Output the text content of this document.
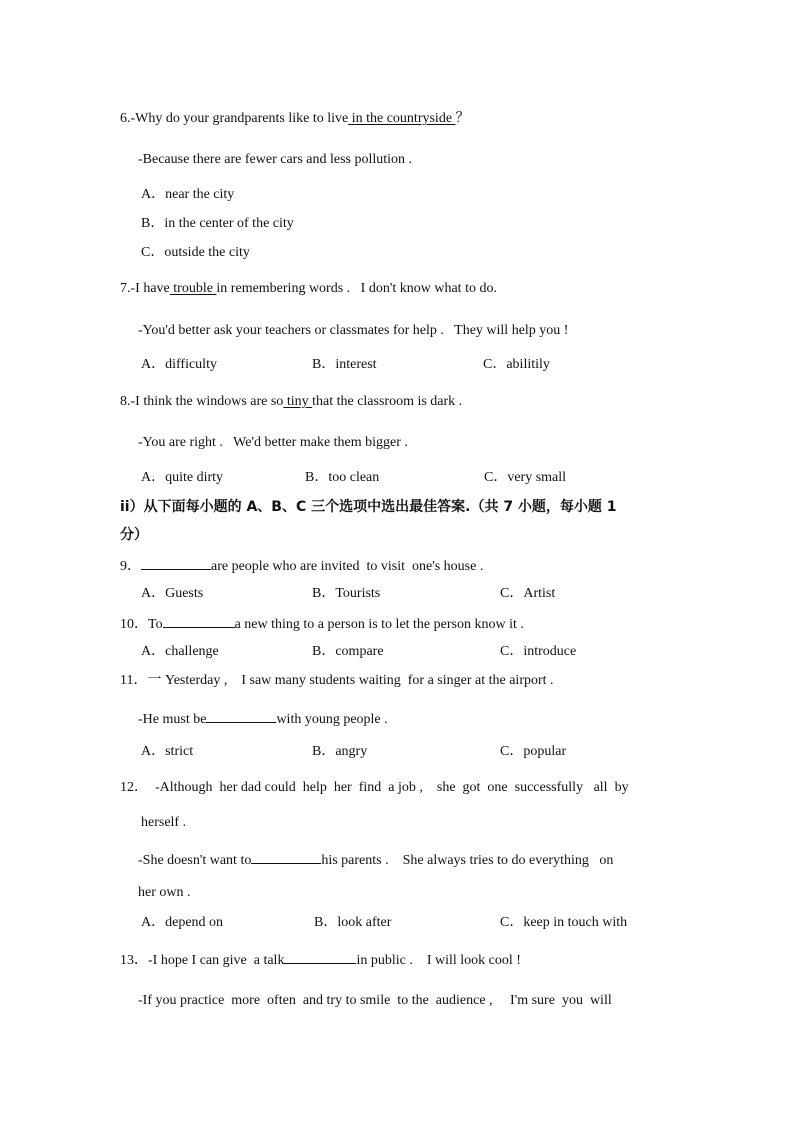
6.-Why do your grandparents like to live in the countryside ？
-Because there are fewer cars and less pollution .
A．near the city
B．in the center of the city
C．outside the city
7.-I have trouble in remembering words .   I don't know what to do.
-You'd better ask your teachers or classmates for help .   They will help you !
A．difficulty	B．interest	C．abilitily
8.-I think the windows are so tiny that the classroom is dark .
-You are right .   We'd better make them bigger .
A．quite dirty	B．too clean	C．very small
ii）从下面每小题的 A、B、C 三个选项中选出最佳答案.（共 7 小题，每小题 1
分）
9．	are people who are invited  to visit  one's house .
A．Guests	B．Tourists	C．Artist
10．To	a new thing to a person is to let the person know it .
A．challenge	B．compare	C．introduce
11．一 Yesterday ,    I saw many students waiting  for a singer at the airport .
-He must be	with young people .
A．strict	B．angry	C．popular
12．  -Although  her dad could  help  her  find  a job ,    she  got  one  successfully   all  by
herself .
-She doesn't want to	his parents .    She always tries to do everything   on
her own .
A．depend on	B．look after	C．keep in touch with
13．-I hope I can give  a talk	in public .    I will look cool !
-If you practice  more  often  and try to smile  to the  audience ,     I'm sure  you  will
